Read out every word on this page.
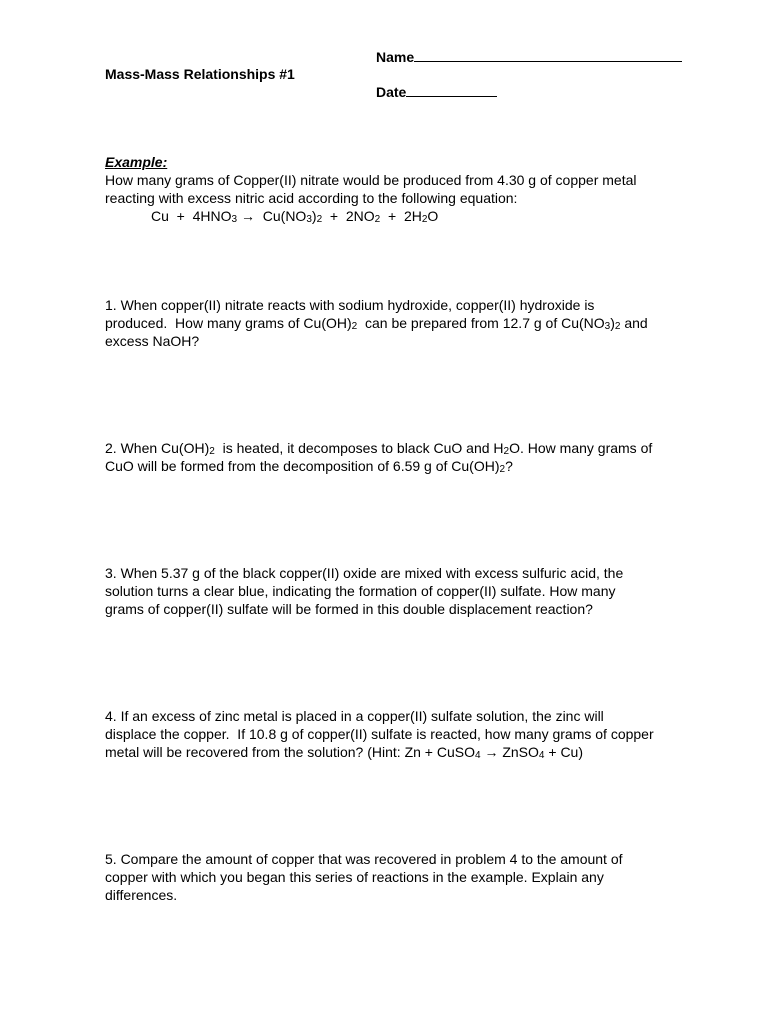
Name
Mass-Mass Relationships #1
Date
Example:
How many grams of Copper(II) nitrate would be produced from 4.30 g of copper metal
reacting with excess nitric acid according to the following equation:
$Cu + 4HNO_3 \to Cu(NO_3)_2 + 2NO_2 + 2H_2O$
1. When copper(II) nitrate reacts with sodium hydroxide, copper(II) hydroxide is
produced.  How many grams of $Cu(OH)_2$  can be prepared from 12.7 g of $Cu(NO_3)_2$ and
excess NaOH?
2. When $Cu(OH)_2$  is heated, it decomposes to black CuO and $H_2O$. How many grams of
CuO will be formed from the decomposition of 6.59 g of $Cu(OH)_2$?
3. When 5.37 g of the black copper(II) oxide are mixed with excess sulfuric acid, the
solution turns a clear blue, indicating the formation of copper(II) sulfate. How many
grams of copper(II) sulfate will be formed in this double displacement reaction?
4. If an excess of zinc metal is placed in a copper(II) sulfate solution, the zinc will
displace the copper.  If 10.8 g of copper(II) sulfate is reacted, how many grams of copper
metal will be recovered from the solution? (Hint: Zn + CuSO$_4$ → ZnSO$_4$ + Cu)
5. Compare the amount of copper that was recovered in problem 4 to the amount of
copper with which you began this series of reactions in the example. Explain any
differences.
